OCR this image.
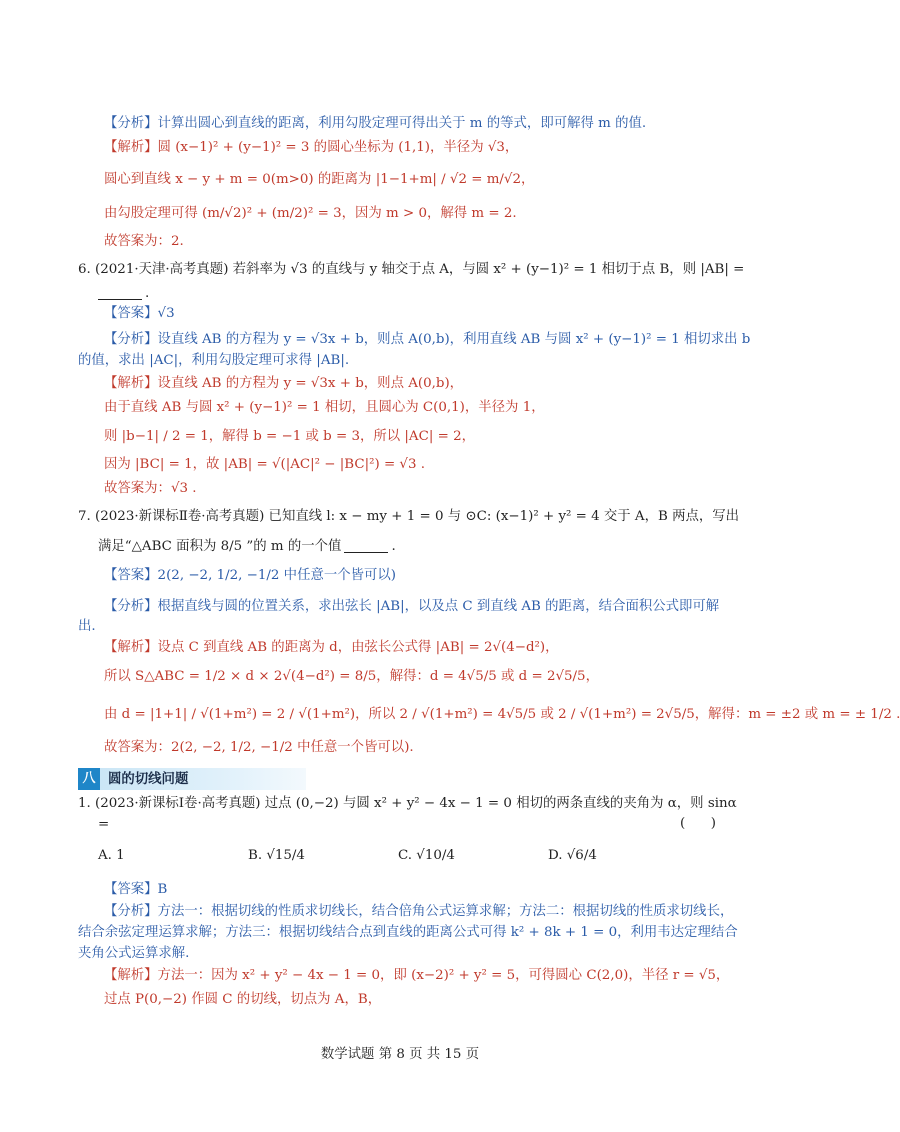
【分析】计算出圆心到直线的距离，利用勾股定理可得出关于 m 的等式，即可解得 m 的值.
【解析】圆 (x−1)² + (y−1)² = 3 的圆心坐标为 (1,1)，半径为 √3，
圆心到直线 x − y + m = 0(m>0) 的距离为 |1−1+m| / √2 = m/√2，
由勾股定理可得 (m/√2)² + (m/2)² = 3，因为 m > 0，解得 m = 2.
故答案为：2.
6. (2021·天津·高考真题) 若斜率为 √3 的直线与 y 轴交于点 A，与圆 x² + (y−1)² = 1 相切于点 B，则 |AB| =
.
【答案】√3
【分析】设直线 AB 的方程为 y = √3x + b，则点 A(0,b)，利用直线 AB 与圆 x² + (y−1)² = 1 相切求出 b
的值，求出 |AC|，利用勾股定理可求得 |AB|.
【解析】设直线 AB 的方程为 y = √3x + b，则点 A(0,b)，
由于直线 AB 与圆 x² + (y−1)² = 1 相切，且圆心为 C(0,1)，半径为 1，
则 |b−1| / 2 = 1，解得 b = −1 或 b = 3，所以 |AC| = 2，
因为 |BC| = 1，故 |AB| = √(|AC|² − |BC|²) = √3 .
故答案为：√3 .
7. (2023·新课标Ⅱ卷·高考真题) 已知直线 l: x − my + 1 = 0 与 ⊙C: (x−1)² + y² = 4 交于 A，B 两点，写出
满足“△ABC 面积为 8/5 ”的 m 的一个值	.
【答案】2(2, −2, 1/2, −1/2 中任意一个皆可以)
【分析】根据直线与圆的位置关系，求出弦长 |AB|，以及点 C 到直线 AB 的距离，结合面积公式即可解
出.
【解析】设点 C 到直线 AB 的距离为 d，由弦长公式得 |AB| = 2√(4−d²)，
所以 S△ABC = 1/2 × d × 2√(4−d²) = 8/5，解得：d = 4√5/5 或 d = 2√5/5，
由 d = |1+1| / √(1+m²) = 2 / √(1+m²)，所以 2 / √(1+m²) = 4√5/5 或 2 / √(1+m²) = 2√5/5，解得：m = ±2 或 m = ± 1/2 .
故答案为：2(2, −2, 1/2, −1/2 中任意一个皆可以).
八 圆的切线问题
1. (2023·新课标Ⅰ卷·高考真题) 过点 (0,−2) 与圆 x² + y² − 4x − 1 = 0 相切的两条直线的夹角为 α，则 sinα
=	(      )
A. 1	B. √15/4	C. √10/4	D. √6/4
【答案】B
【分析】方法一：根据切线的性质求切线长，结合倍角公式运算求解；方法二：根据切线的性质求切线长，
结合余弦定理运算求解；方法三：根据切线结合点到直线的距离公式可得 k² + 8k + 1 = 0，利用韦达定理结合
夹角公式运算求解.
【解析】方法一：因为 x² + y² − 4x − 1 = 0，即 (x−2)² + y² = 5，可得圆心 C(2,0)，半径 r = √5，
过点 P(0,−2) 作圆 C 的切线，切点为 A，B，
数学试题 第 8 页 共 15 页
